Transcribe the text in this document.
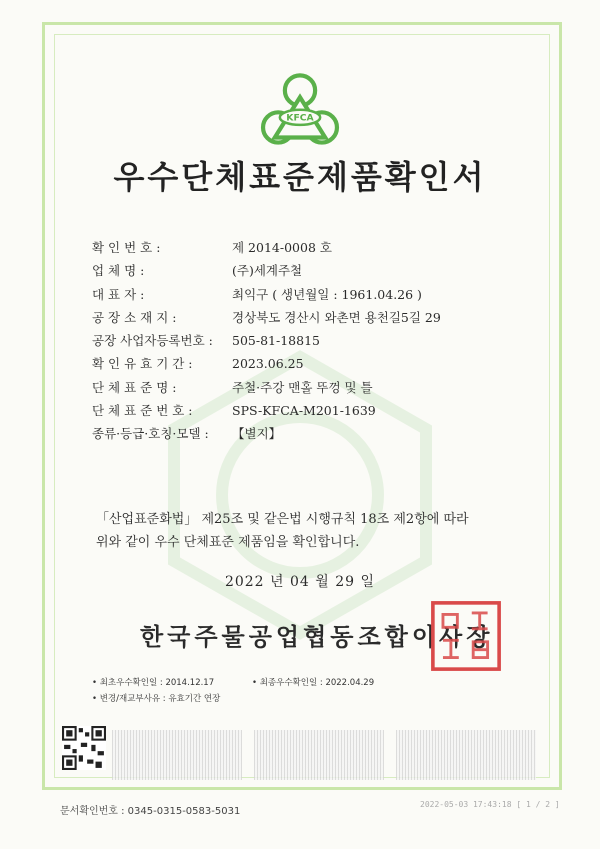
KFCA
우수단체표준제품확인서
확 인 번 호 :	제 2014-0008 호
업 체 명 :	(주)세계주철
대 표 자 :	최익구 ( 생년월일 : 1961.04.26 )
공 장 소 재 지 :	경상북도 경산시 와촌면 용천길5길 29
공장 사업자등록번호 :	505-81-18815
확 인 유 효 기 간 :	2023.06.25
단 체 표 준 명 :	주철·주강 맨홀 뚜껑 및 틀
단 체 표 준 번 호 :	SPS-KFCA-M201-1639
종류·등급·호칭·모델 :	【별지】
「산업표준화법」 제25조 및 같은법 시행규칙 18조 제2항에 따라
위와 같이 우수 단체표준 제품임을 확인합니다.
2022 년 04 월 29 일
한국주물공업협동조합이사장
• 최초우수확인일 : 2014.12.17	• 최종우수확인일 : 2022.04.29
• 변경/재교부사유 : 유효기간 연장
문서확인번호 : 0345-0315-0583-5031
2022-05-03 17:43:18 [ 1 / 2 ]
